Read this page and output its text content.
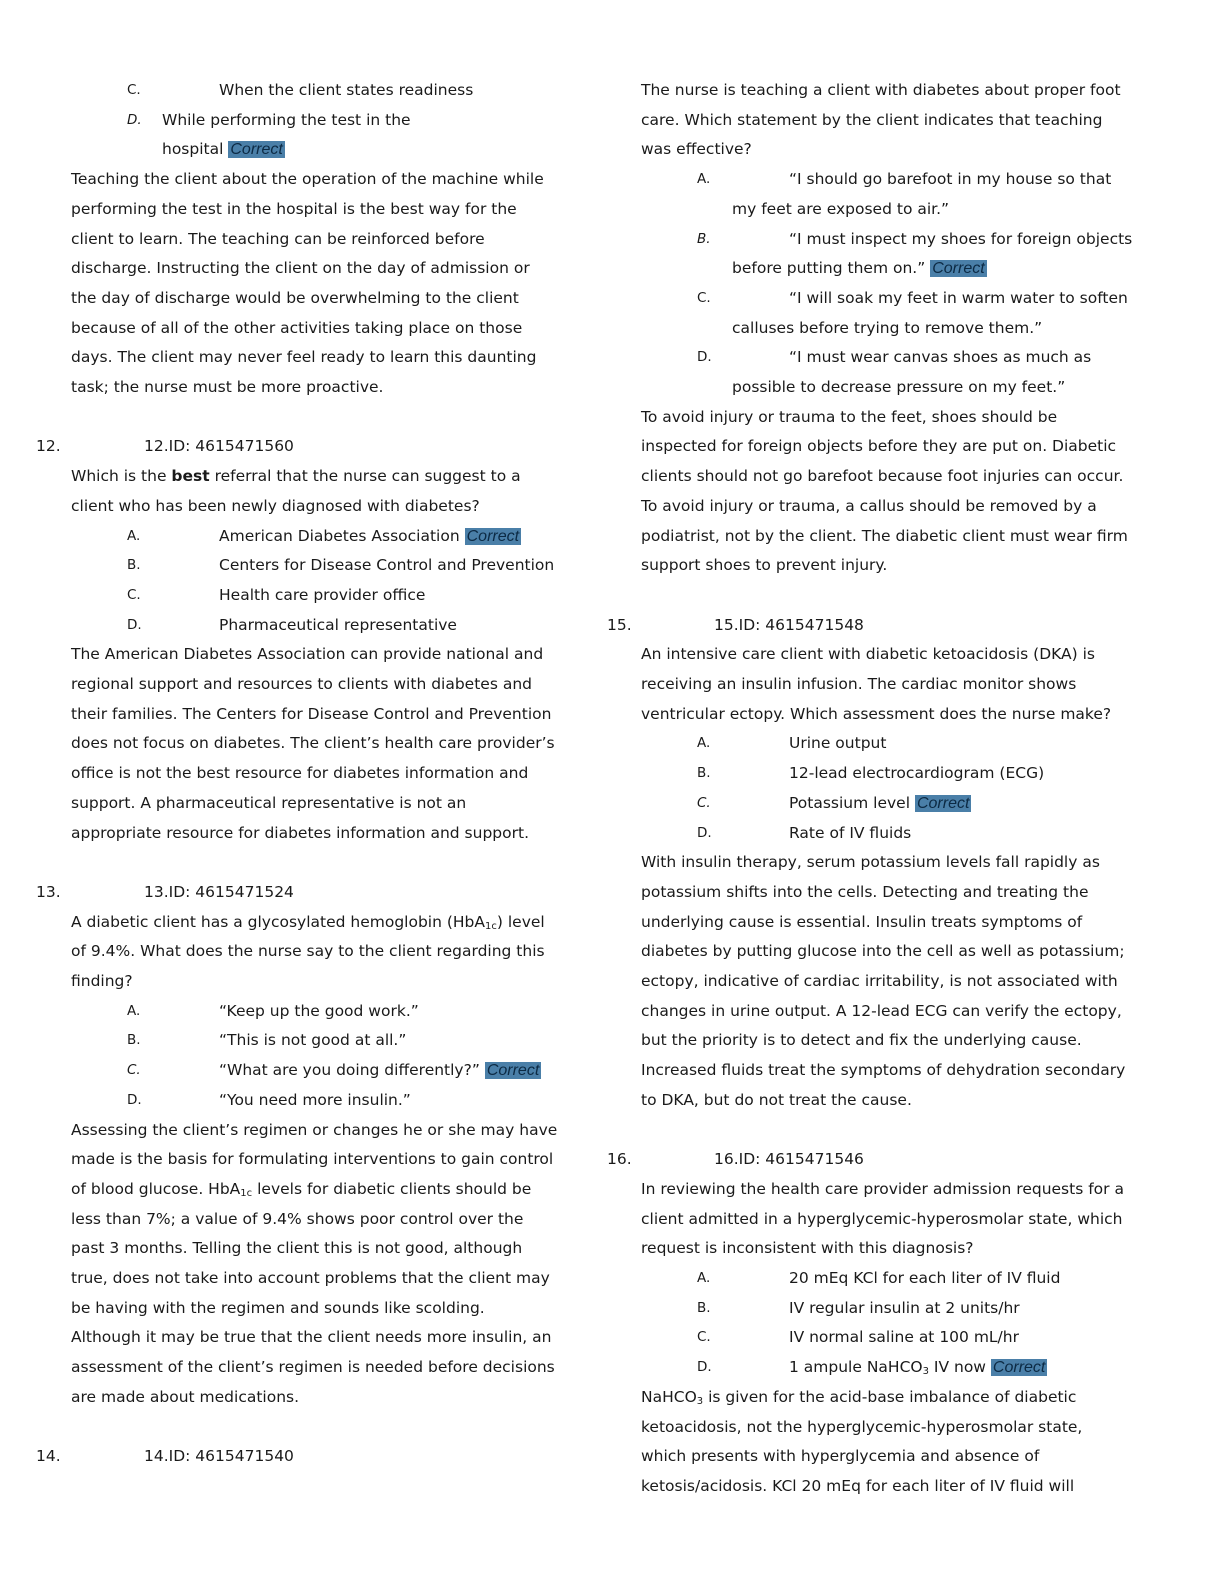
C.	When the client states readiness
D. While performing the test in the
hospital Correct
Teaching the client about the operation of the machine while
performing the test in the hospital is the best way for the
client to learn. The teaching can be reinforced before
discharge. Instructing the client on the day of admission or
the day of discharge would be overwhelming to the client
because of all of the other activities taking place on those
days. The client may never feel ready to learn this daunting
task; the nurse must be more proactive.
12.	12.ID: 4615471560
Which is the best referral that the nurse can suggest to a
client who has been newly diagnosed with diabetes?
A.	American Diabetes Association Correct
B.	Centers for Disease Control and Prevention
C.	Health care provider office
D.	Pharmaceutical representative
The American Diabetes Association can provide national and
regional support and resources to clients with diabetes and
their families. The Centers for Disease Control and Prevention
does not focus on diabetes. The client’s health care provider’s
office is not the best resource for diabetes information and
support. A pharmaceutical representative is not an
appropriate resource for diabetes information and support.
13.	13.ID: 4615471524
A diabetic client has a glycosylated hemoglobin (HbA$_{1c}$) level
of 9.4%. What does the nurse say to the client regarding this
finding?
A.	“Keep up the good work.”
B.	“This is not good at all.”
C.	“What are you doing differently?” Correct
D.	“You need more insulin.”
Assessing the client’s regimen or changes he or she may have
made is the basis for formulating interventions to gain control
of blood glucose. HbA$_{1c}$ levels for diabetic clients should be
less than 7%; a value of 9.4% shows poor control over the
past 3 months. Telling the client this is not good, although
true, does not take into account problems that the client may
be having with the regimen and sounds like scolding.
Although it may be true that the client needs more insulin, an
assessment of the client’s regimen is needed before decisions
are made about medications.
14.	14.ID: 4615471540
The nurse is teaching a client with diabetes about proper foot
care. Which statement by the client indicates that teaching
was effective?
A.	“I should go barefoot in my house so that
my feet are exposed to air.”
B.	“I must inspect my shoes for foreign objects
before putting them on.” Correct
C.	“I will soak my feet in warm water to soften
calluses before trying to remove them.”
D.	“I must wear canvas shoes as much as
possible to decrease pressure on my feet.”
To avoid injury or trauma to the feet, shoes should be
inspected for foreign objects before they are put on. Diabetic
clients should not go barefoot because foot injuries can occur.
To avoid injury or trauma, a callus should be removed by a
podiatrist, not by the client. The diabetic client must wear firm
support shoes to prevent injury.
15.	15.ID: 4615471548
An intensive care client with diabetic ketoacidosis (DKA) is
receiving an insulin infusion. The cardiac monitor shows
ventricular ectopy. Which assessment does the nurse make?
A.	Urine output
B.	12-lead electrocardiogram (ECG)
C.	Potassium level Correct
D.	Rate of IV fluids
With insulin therapy, serum potassium levels fall rapidly as
potassium shifts into the cells. Detecting and treating the
underlying cause is essential. Insulin treats symptoms of
diabetes by putting glucose into the cell as well as potassium;
ectopy, indicative of cardiac irritability, is not associated with
changes in urine output. A 12-lead ECG can verify the ectopy,
but the priority is to detect and fix the underlying cause.
Increased fluids treat the symptoms of dehydration secondary
to DKA, but do not treat the cause.
16.	16.ID: 4615471546
In reviewing the health care provider admission requests for a
client admitted in a hyperglycemic-hyperosmolar state, which
request is inconsistent with this diagnosis?
A.	20 mEq KCl for each liter of IV fluid
B.	IV regular insulin at 2 units/hr
C.	IV normal saline at 100 mL/hr
D.	1 ampule NaHCO$_3$ IV now Correct
NaHCO$_3$ is given for the acid-base imbalance of diabetic
ketoacidosis, not the hyperglycemic-hyperosmolar state,
which presents with hyperglycemia and absence of
ketosis/acidosis. KCl 20 mEq for each liter of IV fluid will
